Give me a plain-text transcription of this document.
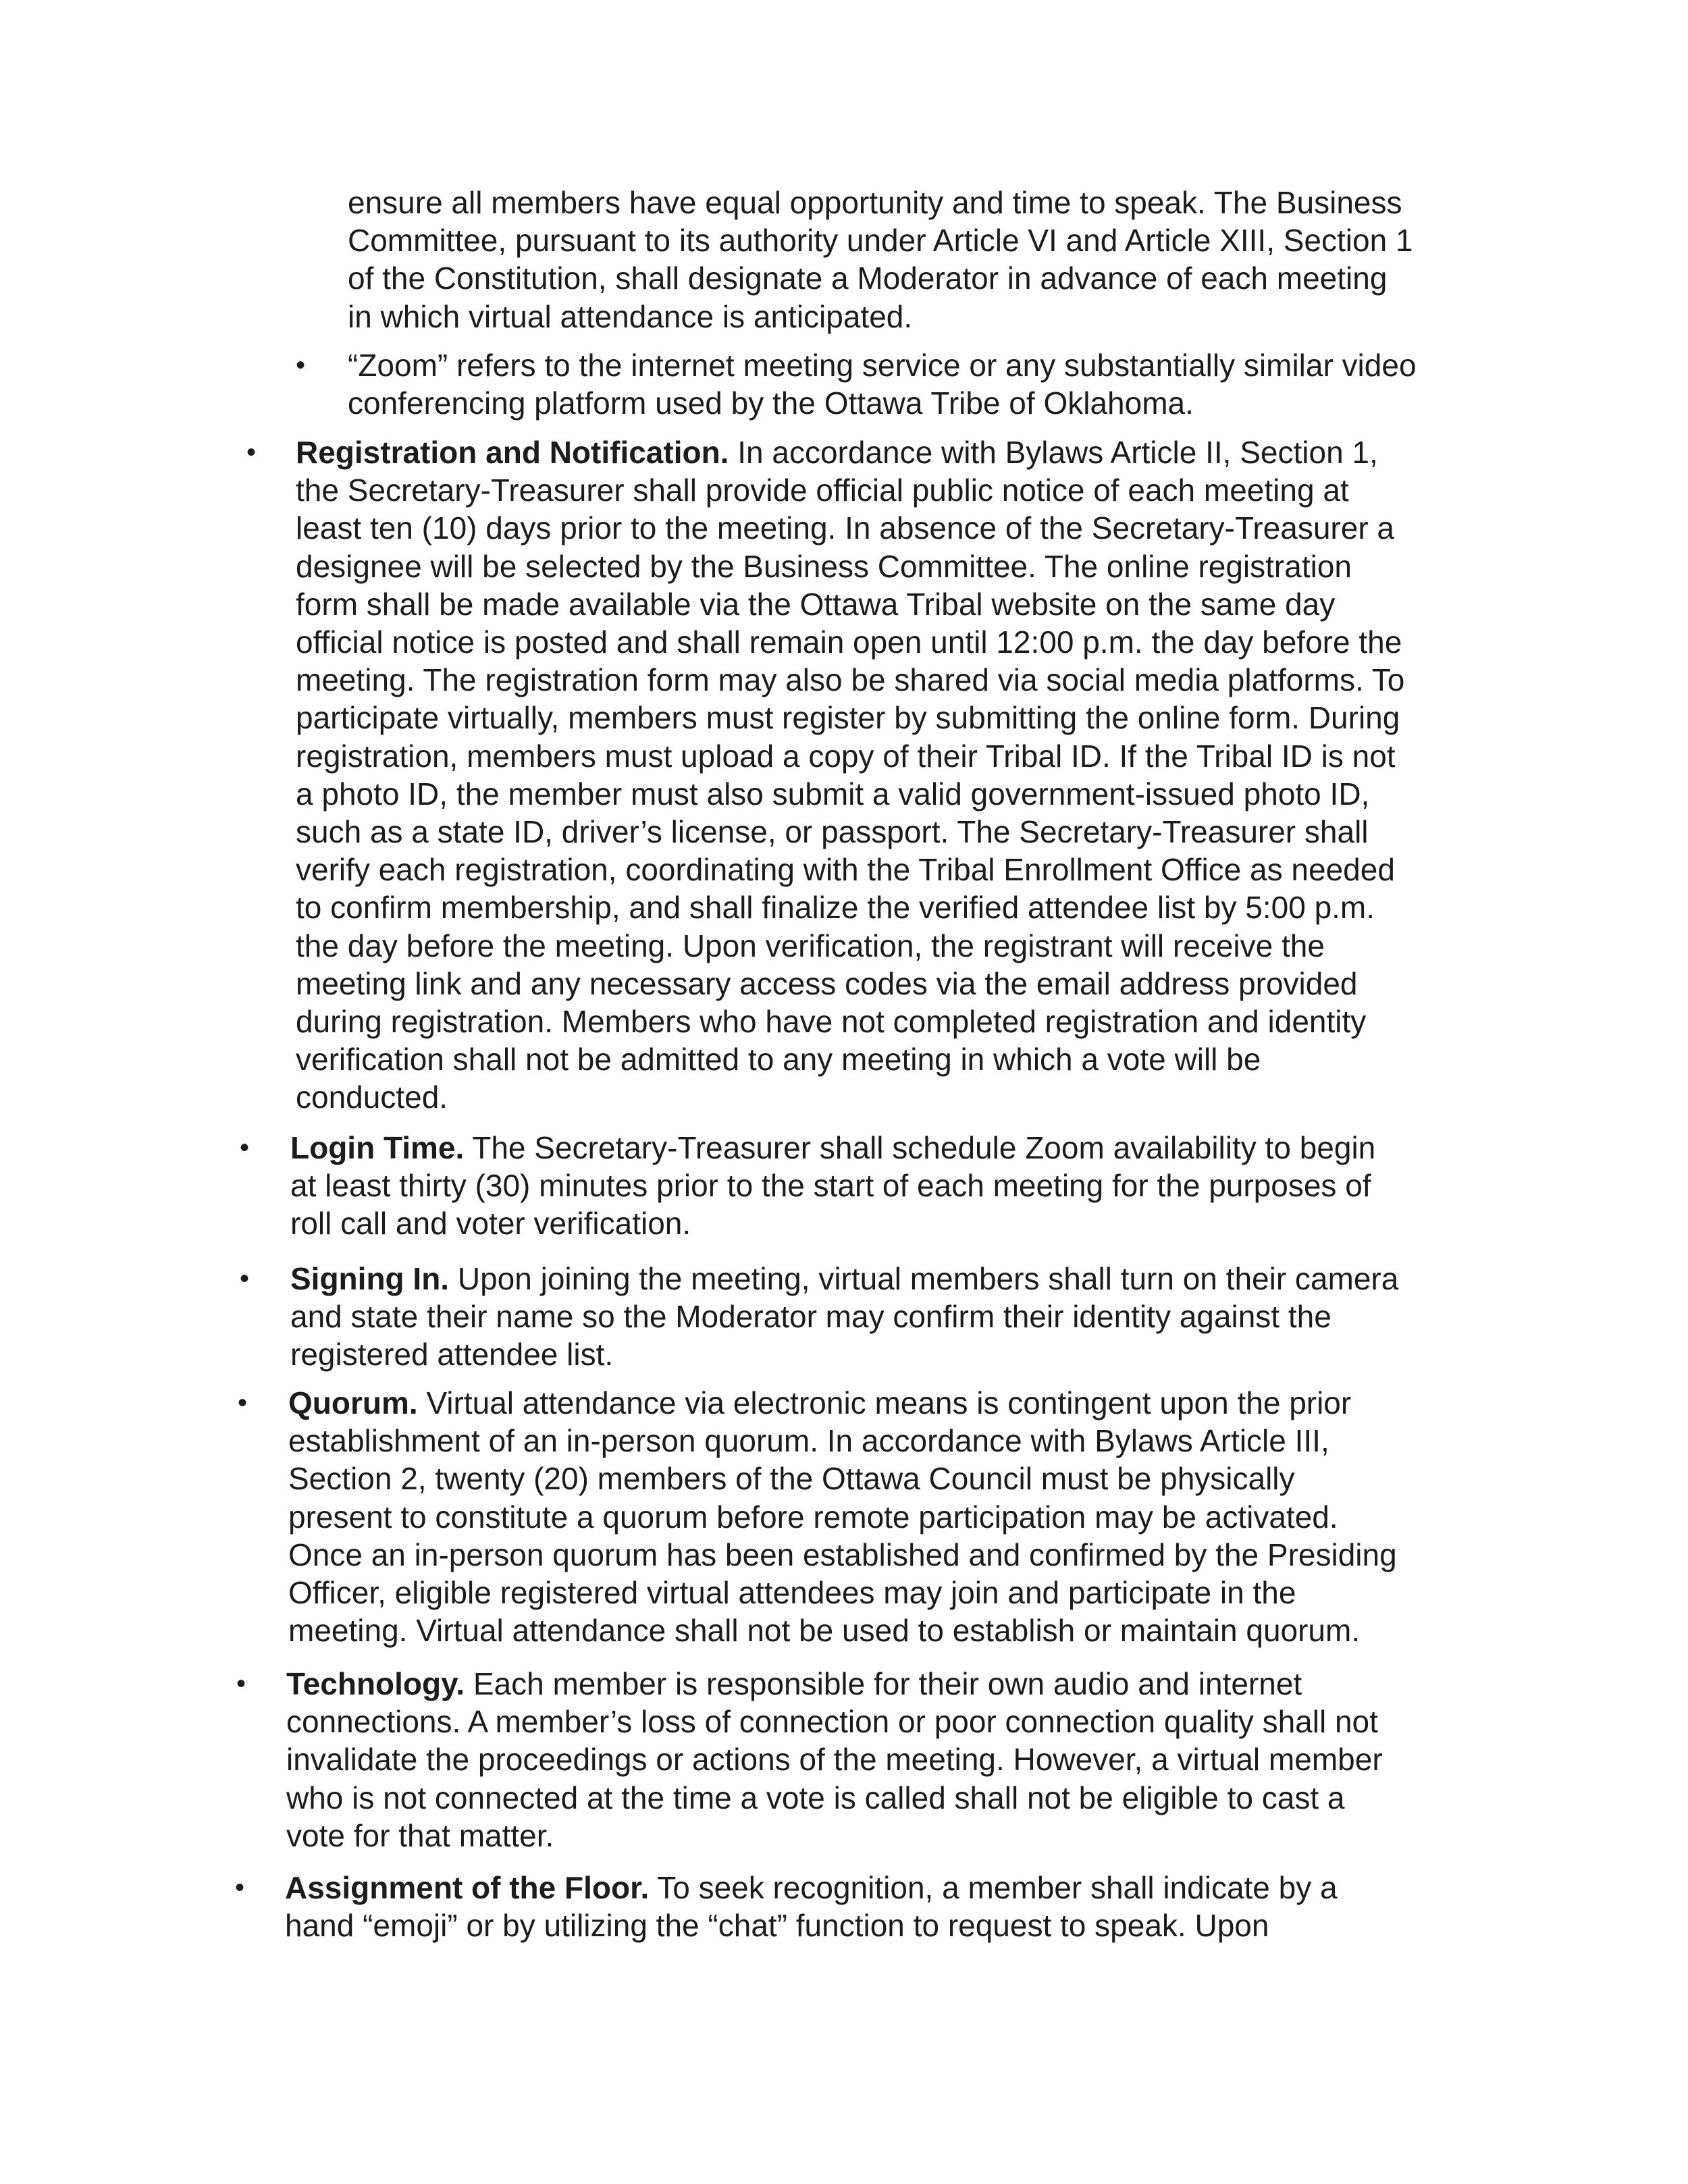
ensure all members have equal opportunity and time to speak. The Business
Committee, pursuant to its authority under Article VI and Article XIII, Section 1
of the Constitution, shall designate a Moderator in advance of each meeting
in which virtual attendance is anticipated.
• “Zoom” refers to the internet meeting service or any substantially similar video
conferencing platform used by the Ottawa Tribe of Oklahoma.
• Registration and Notification. In accordance with Bylaws Article II, Section 1,
the Secretary-Treasurer shall provide official public notice of each meeting at
least ten (10) days prior to the meeting. In absence of the Secretary-Treasurer a
designee will be selected by the Business Committee. The online registration
form shall be made available via the Ottawa Tribal website on the same day
official notice is posted and shall remain open until 12:00 p.m. the day before the
meeting. The registration form may also be shared via social media platforms. To
participate virtually, members must register by submitting the online form. During
registration, members must upload a copy of their Tribal ID. If the Tribal ID is not
a photo ID, the member must also submit a valid government-issued photo ID,
such as a state ID, driver’s license, or passport. The Secretary-Treasurer shall
verify each registration, coordinating with the Tribal Enrollment Office as needed
to confirm membership, and shall finalize the verified attendee list by 5:00 p.m.
the day before the meeting. Upon verification, the registrant will receive the
meeting link and any necessary access codes via the email address provided
during registration. Members who have not completed registration and identity
verification shall not be admitted to any meeting in which a vote will be
conducted.
• Login Time. The Secretary-Treasurer shall schedule Zoom availability to begin
at least thirty (30) minutes prior to the start of each meeting for the purposes of
roll call and voter verification.
• Signing In. Upon joining the meeting, virtual members shall turn on their camera
and state their name so the Moderator may confirm their identity against the
registered attendee list.
• Quorum. Virtual attendance via electronic means is contingent upon the prior
establishment of an in-person quorum. In accordance with Bylaws Article III,
Section 2, twenty (20) members of the Ottawa Council must be physically
present to constitute a quorum before remote participation may be activated.
Once an in-person quorum has been established and confirmed by the Presiding
Officer, eligible registered virtual attendees may join and participate in the
meeting. Virtual attendance shall not be used to establish or maintain quorum.
• Technology. Each member is responsible for their own audio and internet
connections. A member’s loss of connection or poor connection quality shall not
invalidate the proceedings or actions of the meeting. However, a virtual member
who is not connected at the time a vote is called shall not be eligible to cast a
vote for that matter.
• Assignment of the Floor. To seek recognition, a member shall indicate by a
hand “emoji” or by utilizing the “chat” function to request to speak. Upon
